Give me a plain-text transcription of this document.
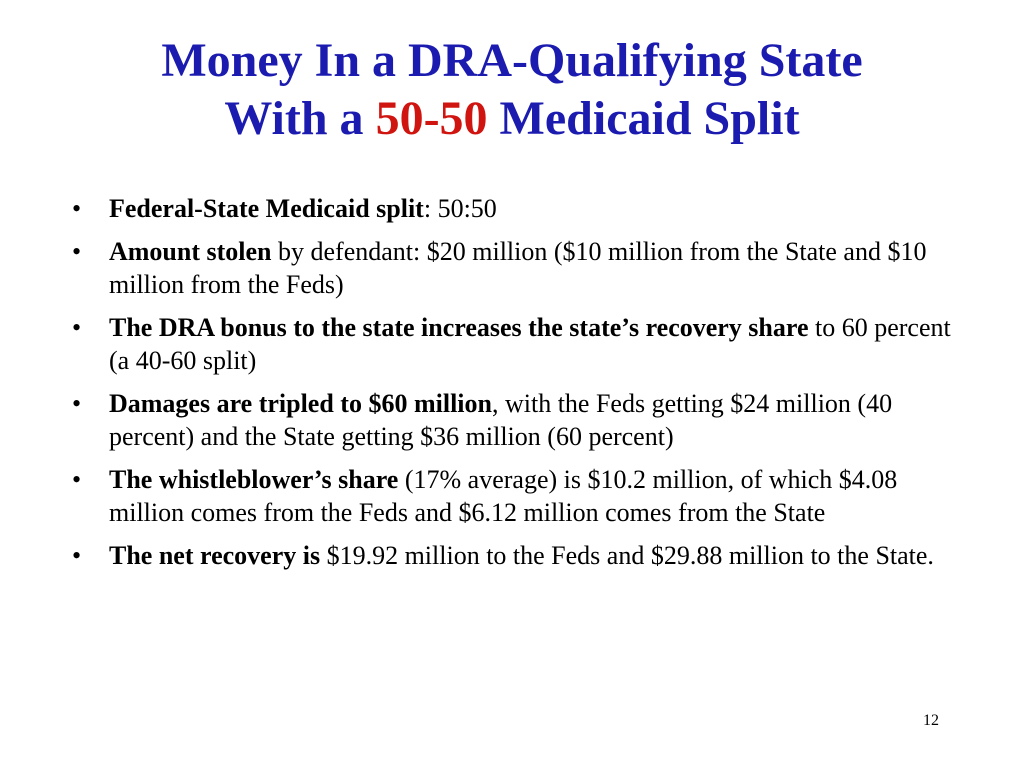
Money In a DRA-Qualifying State
With a 50-50 Medicaid Split
•	Federal-State Medicaid split: 50:50
•	Amount stolen by defendant: $20 million ($10 million from the State and $10 million from the Feds)
•	The DRA bonus to the state increases the state’s recovery share to 60 percent (a 40-60 split)
•	Damages are tripled to $60 million, with the Feds getting $24 million (40 percent) and the State getting $36 million (60 percent)
•	The whistleblower’s share (17% average) is $10.2 million, of which $4.08 million comes from the Feds and $6.12 million comes from the State
•	The net recovery is $19.92 million to the Feds and $29.88 million to the State.
12
